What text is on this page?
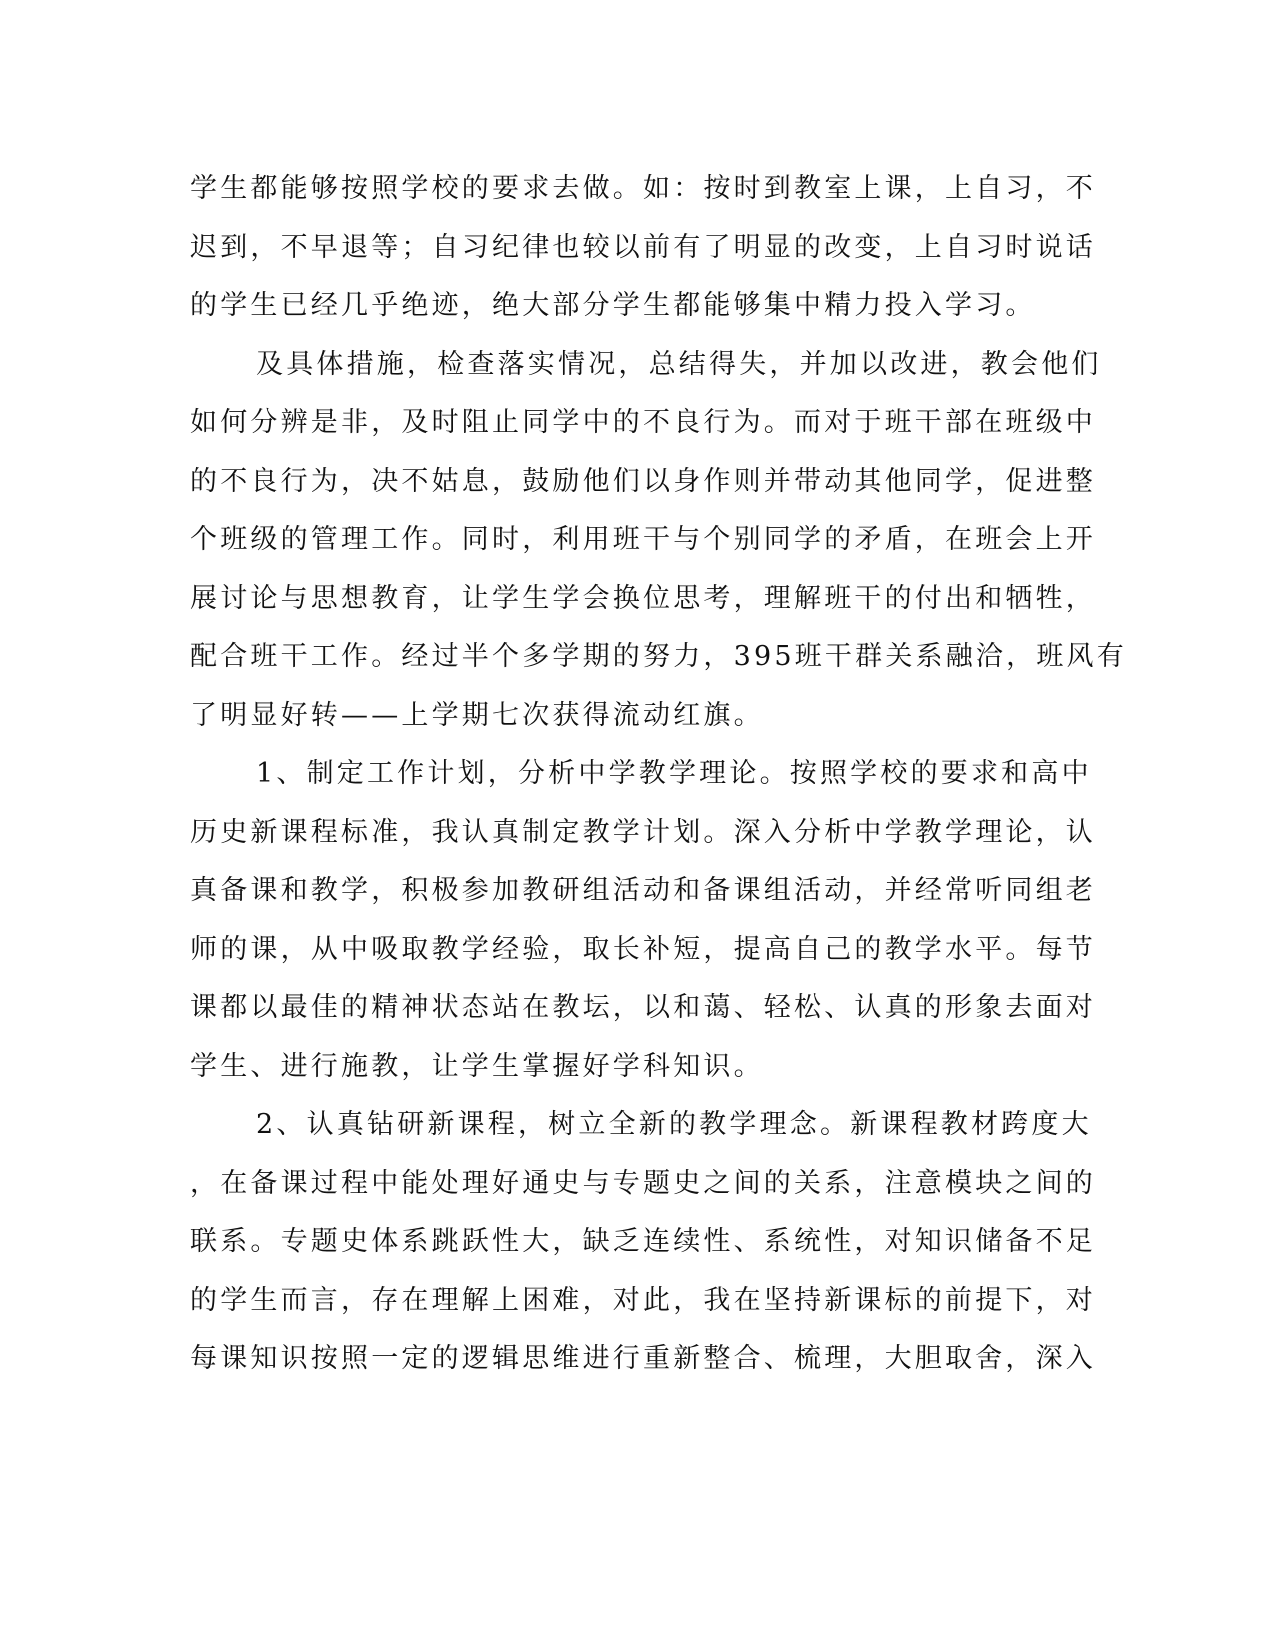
学生都能够按照学校的要求去做。如：按时到教室上课，上自习，不
迟到，不早退等；自习纪律也较以前有了明显的改变，上自习时说话
的学生已经几乎绝迹，绝大部分学生都能够集中精力投入学习。
及具体措施，检查落实情况，总结得失，并加以改进，教会他们
如何分辨是非，及时阻止同学中的不良行为。而对于班干部在班级中
的不良行为，决不姑息，鼓励他们以身作则并带动其他同学，促进整
个班级的管理工作。同时，利用班干与个别同学的矛盾，在班会上开
展讨论与思想教育，让学生学会换位思考，理解班干的付出和牺牲，
配合班干工作。经过半个多学期的努力，395班干群关系融洽，班风有
了明显好转——上学期七次获得流动红旗。
1、制定工作计划，分析中学教学理论。按照学校的要求和高中
历史新课程标准，我认真制定教学计划。深入分析中学教学理论，认
真备课和教学，积极参加教研组活动和备课组活动，并经常听同组老
师的课，从中吸取教学经验，取长补短，提高自己的教学水平。每节
课都以最佳的精神状态站在教坛，以和蔼、轻松、认真的形象去面对
学生、进行施教，让学生掌握好学科知识。
2、认真钻研新课程，树立全新的教学理念。新课程教材跨度大
，在备课过程中能处理好通史与专题史之间的关系，注意模块之间的
联系。专题史体系跳跃性大，缺乏连续性、系统性，对知识储备不足
的学生而言，存在理解上困难，对此，我在坚持新课标的前提下，对
每课知识按照一定的逻辑思维进行重新整合、梳理，大胆取舍，深入
